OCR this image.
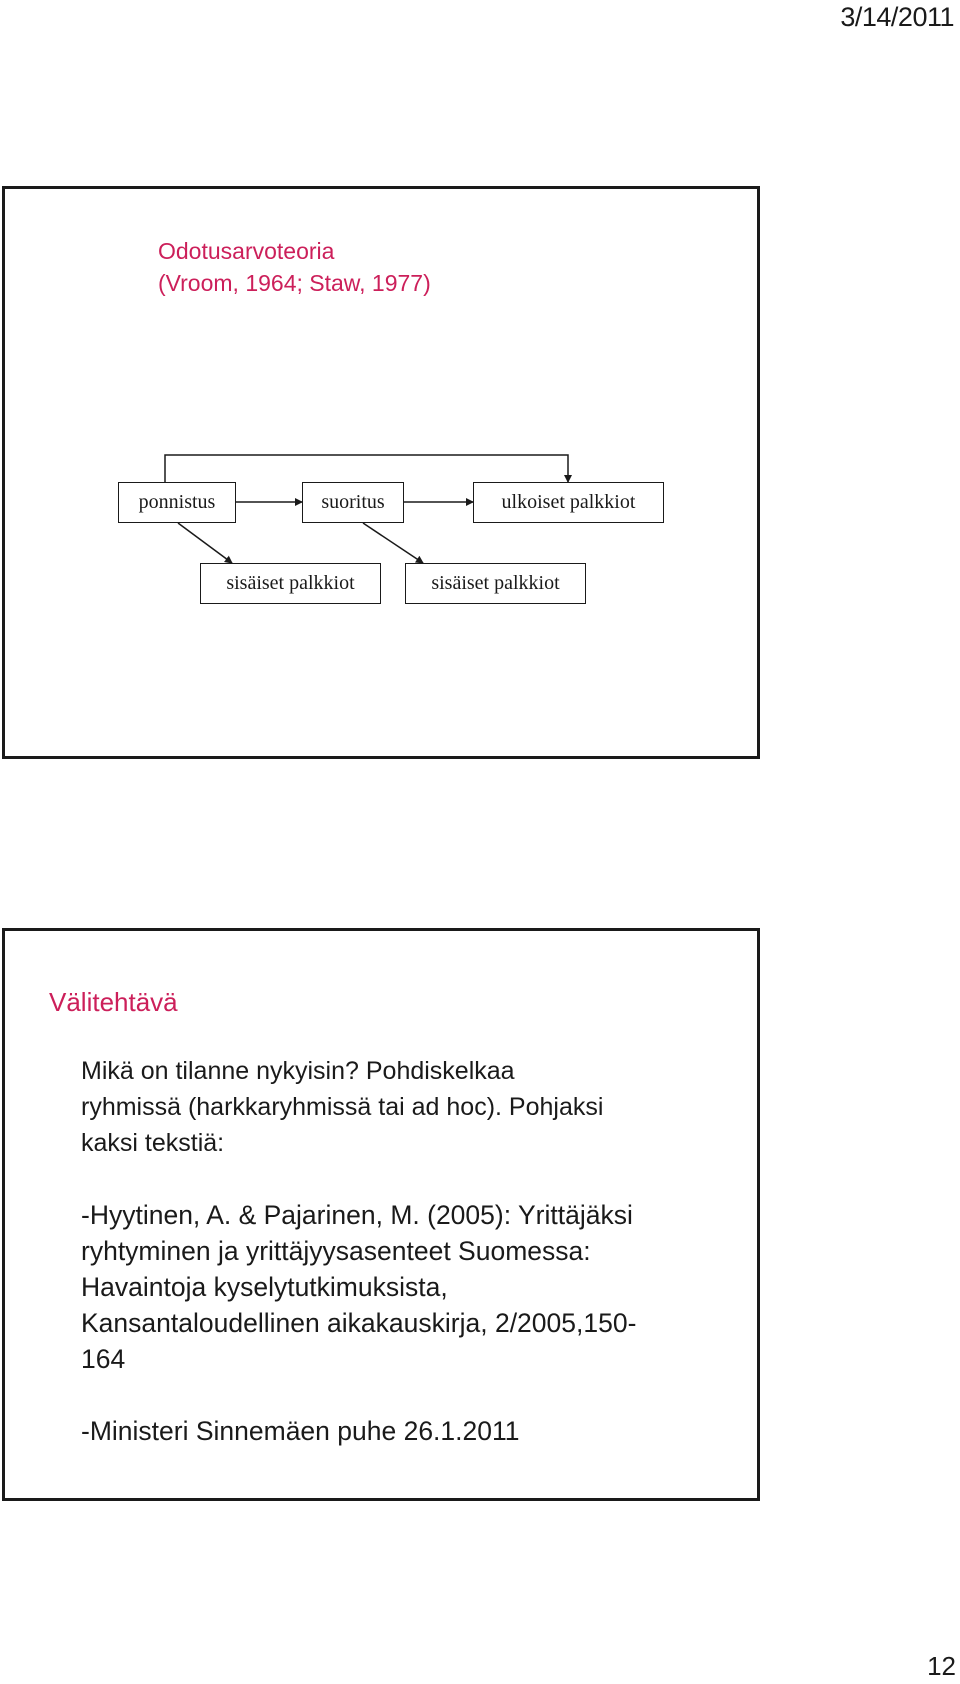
3/14/2011
Odotusarvoteoria
(Vroom, 1964; Staw, 1977)
ponnistus	suoritus	ulkoiset palkkiot
sisäiset palkkiot	sisäiset palkkiot
Välitehtävä

Mikä on tilanne nykyisin? Pohdiskelkaa

ryhmissä (harkkaryhmissä tai ad hoc). Pohjaksi

kaksi tekstiä:

-Hyytinen, A. & Pajarinen, M. (2005): Yrittäjäksi

ryhtyminen ja yrittäjyysasenteet Suomessa:

Havaintoja kyselytutkimuksista,

Kansantaloudellinen aikakauskirja, 2/2005,150-

164

-Ministeri Sinnemäen puhe 26.1.2011

12
